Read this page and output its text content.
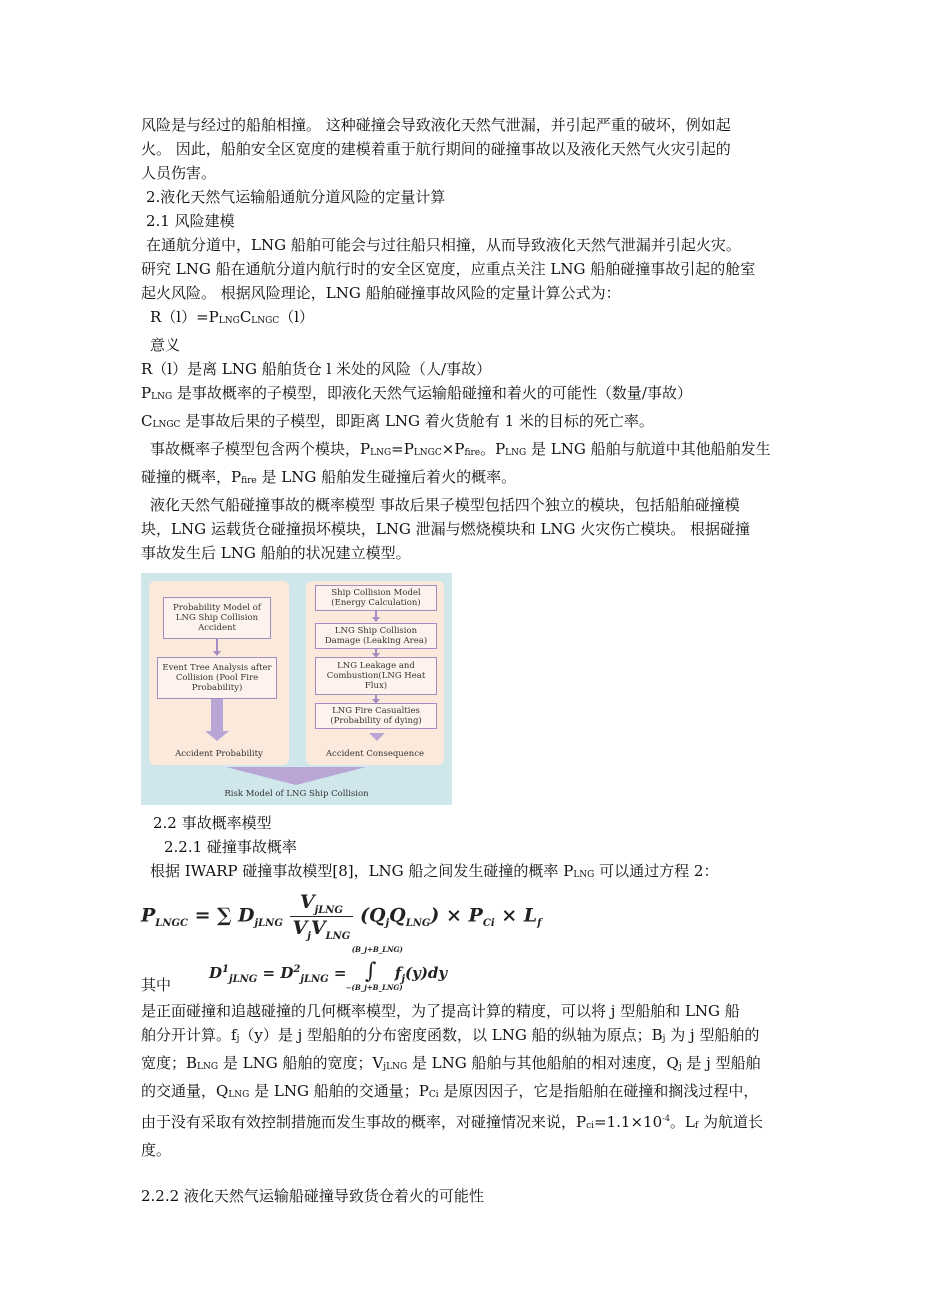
风险是与经过的船舶相撞。 这种碰撞会导致液化天然气泄漏，并引起严重的破坏，例如起

火。 因此，船舶安全区宽度的建模着重于航行期间的碰撞事故以及液化天然气火灾引起的

人员伤害。

2.液化天然气运输船通航分道风险的定量计算

2.1 风险建模

在通航分道中，LNG 船舶可能会与过往船只相撞，从而导致液化天然气泄漏并引起火灾。

研究 LNG 船在通航分道内航行时的安全区宽度，应重点关注 LNG 船舶碰撞事故引起的舱室

起火风险。 根据风险理论，LNG 船舶碰撞事故风险的定量计算公式为：

$R(l)=P_{LNG}C_{LNGC}(l)$

意义

R（l）是离 LNG 船舶货仓 l 米处的风险（人/事故）

$P_{LNG}$ 是事故概率的子模型，即液化天然气运输船碰撞和着火的可能性（数量/事故）

$C_{LNGC}$ 是事故后果的子模型，即距离 LNG 着火货舱有 1 米的目标的死亡率。

事故概率子模型包含两个模块，$P_{LNG}=P_{LNGC}\times P_{fire}$。$P_{LNG}$ 是 LNG 船舶与航道中其他船舶发生

碰撞的概率，$P_{fire}$ 是 LNG 船舶发生碰撞后着火的概率。

液化天然气船碰撞事故的概率模型 事故后果子模型包括四个独立的模块，包括船舶碰撞模

块，LNG 运载货仓碰撞损坏模块，LNG 泄漏与燃烧模块和 LNG 火灾伤亡模块。 根据碰撞

事故发生后 LNG 船舶的状况建立模型。

Probability Model of LNG Ship Collision Accident
Event Tree Analysis after Collision (Pool Fire Probability)
Accident Probability
Ship Collision Model (Energy Calculation)
LNG Ship Collision Damage (Leaking Area)
LNG Leakage and Combustion(LNG Heat Flux)
LNG Fire Casualties (Probability of dying)
Accident Consequence
Risk Model of LNG Ship Collision

2.2 事故概率模型

2.2.1 碰撞事故概率

根据 IWARP 碰撞事故模型[8]，LNG 船之间发生碰撞的概率 $P_{LNG}$ 可以通过方程 2：

$P_{LNGC}$ = ∑ $D_{jLNG} \frac{V_{jLNG}}{V_jV_{LNG}} (Q_jQ_{LNG}) \times P_{Ci} \times L_f$
其中
$D^1_{jLNG} = D^2_{jLNG}$ =
(B_j+B_LNG)
∫
−(B_j+B_LNG)
$f_j(y)dy$

是正面碰撞和追越碰撞的几何概率模型，为了提高计算的精度，可以将 j 型船舶和 LNG 船

舶分开计算。$f_j(y)$是 j 型船舶的分布密度函数，以 LNG 船的纵轴为原点；$B_j$ 为 j 型船舶的

宽度；$B_{LNG}$ 是 LNG 船舶的宽度；$V_{jLNG}$ 是 LNG 船舶与其他船舶的相对速度，$Q_j$ 是 j 型船舶

的交通量，$Q_{LNG}$ 是 LNG 船舶的交通量；$P_{Ci}$ 是原因因子，它是指船舶在碰撞和搁浅过程中，

由于没有采取有效控制措施而发生事故的概率，对碰撞情况来说，$P_{ci}=1.1\times 10^{-4}$。$L_f$ 为航道长

度。

2.2.2 液化天然气运输船碰撞导致货仓着火的可能性
